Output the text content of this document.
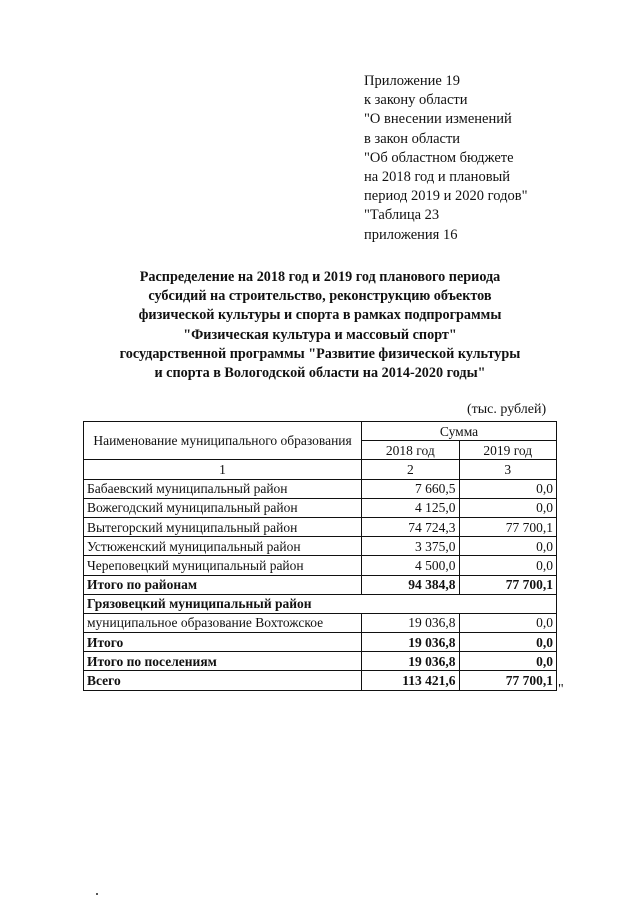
Приложение 19
к закону области
"О внесении изменений
в закон области
"Об областном бюджете
на 2018 год и плановый
период 2019 и 2020 годов"
"Таблица 23
приложения 16
Распределение на 2018 год и 2019 год планового периода
субсидий на строительство, реконструкцию объектов
физической культуры и спорта в рамках подпрограммы
"Физическая культура и массовый спорт"
государственной программы "Развитие физической культуры
и спорта в Вологодской области на 2014-2020 годы"
(тыс. рублей)
Наименование муниципального образования	Сумма	
	2018 год	2019 год
1	2	3
Бабаевский муниципальный район	7 660,5	0,0
Вожегодский муниципальный район	4 125,0	0,0
Вытегорский муниципальный район	74 724,3	77 700,1
Устюженский муниципальный район	3 375,0	0,0
Череповецкий муниципальный район	4 500,0	0,0
Итого по районам	94 384,8	77 700,1
Грязовецкий муниципальный район		
муниципальное образование Вохтожское	19 036,8	0,0
Итого	19 036,8	0,0
Итого по поселениям	19 036,8	0,0
Всего	113 421,6	77 700,1
"
